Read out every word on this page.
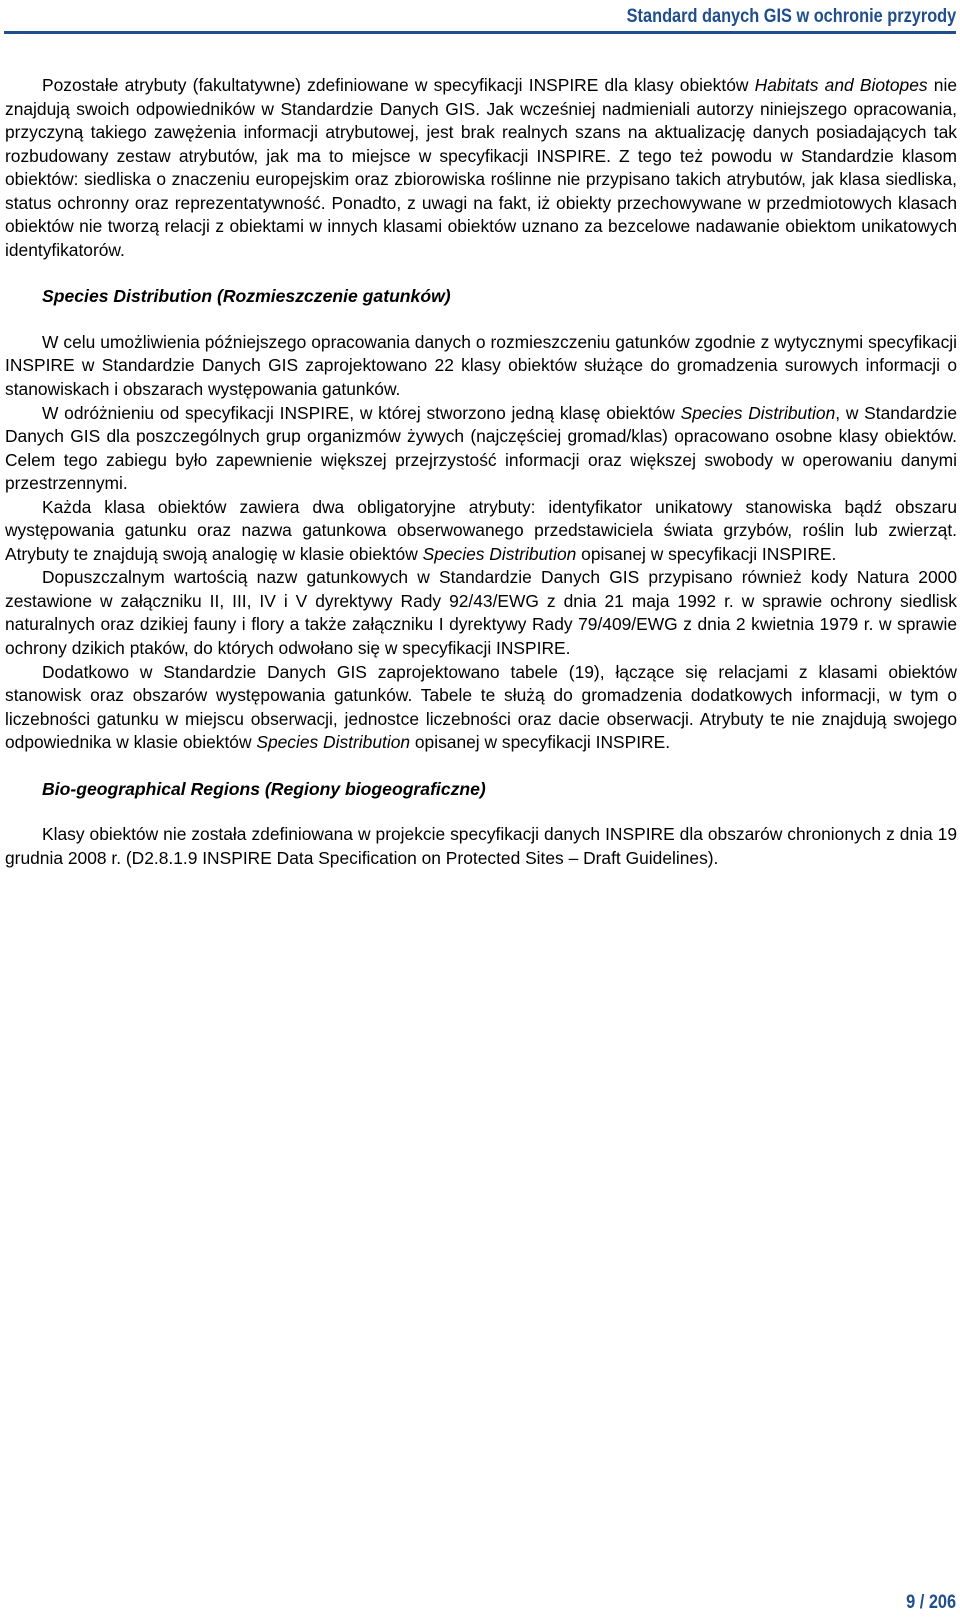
Standard danych GIS w ochronie przyrody

Pozostałe atrybuty (fakultatywne) zdefiniowane w specyfikacji INSPIRE dla klasy obiektów Habitats and Biotopes nie znajdują swoich odpowiedników w Standardzie Danych GIS. Jak wcześniej nadmieniali autorzy niniejszego opracowania, przyczyną takiego zawężenia informacji atrybutowej, jest brak realnych szans na aktualizację danych posiadających tak rozbudowany zestaw atrybutów, jak ma to miejsce w specyfikacji INSPIRE. Z tego też powodu w Standardzie klasom obiektów: siedliska o znaczeniu europejskim oraz zbiorowiska roślinne nie przypisano takich atrybutów, jak klasa siedliska, status ochronny oraz reprezentatywność. Ponadto, z uwagi na fakt, iż obiekty przechowywane w przedmiotowych klasach obiektów nie tworzą relacji z obiektami w innych klasami obiektów uznano za bezcelowe nadawanie obiektom unikatowych identyfikatorów.

Species Distribution (Rozmieszczenie gatunków)

W celu umożliwienia późniejszego opracowania danych o rozmieszczeniu gatunków zgodnie z wytycznymi specyfikacji INSPIRE w Standardzie Danych GIS zaprojektowano 22 klasy obiektów służące do gromadzenia surowych informacji o stanowiskach i obszarach występowania gatunków.

W odróżnieniu od specyfikacji INSPIRE, w której stworzono jedną klasę obiektów Species Distribution, w Standardzie Danych GIS dla poszczególnych grup organizmów żywych (najczęściej gromad/klas) opracowano osobne klasy obiektów. Celem tego zabiegu było zapewnienie większej przejrzystość informacji oraz większej swobody w operowaniu danymi przestrzennymi.

Każda klasa obiektów zawiera dwa obligatoryjne atrybuty: identyfikator unikatowy stanowiska bądź obszaru występowania gatunku oraz nazwa gatunkowa obserwowanego przedstawiciela świata grzybów, roślin lub zwierząt. Atrybuty te znajdują swoją analogię w klasie obiektów Species Distribution opisanej w specyfikacji INSPIRE.

Dopuszczalnym wartością nazw gatunkowych w Standardzie Danych GIS przypisano również kody Natura 2000 zestawione w załączniku II, III, IV i V dyrektywy Rady 92/43/EWG z dnia 21 maja 1992 r. w sprawie ochrony siedlisk naturalnych oraz dzikiej fauny i flory a także załączniku I dyrektywy Rady 79/409/EWG z dnia 2 kwietnia 1979 r. w sprawie ochrony dzikich ptaków, do których odwołano się w specyfikacji INSPIRE.

Dodatkowo w Standardzie Danych GIS zaprojektowano tabele (19), łączące się relacjami z klasami obiektów stanowisk oraz obszarów występowania gatunków. Tabele te służą do gromadzenia dodatkowych informacji, w tym o liczebności gatunku w miejscu obserwacji, jednostce liczebności oraz dacie obserwacji. Atrybuty te nie znajdują swojego odpowiednika w klasie obiektów Species Distribution opisanej w specyfikacji INSPIRE.

Bio-geographical Regions (Regiony biogeograficzne)

Klasy obiektów nie została zdefiniowana w projekcie specyfikacji danych INSPIRE dla obszarów chronionych z dnia 19 grudnia 2008 r. (D2.8.1.9 INSPIRE Data Specification on Protected Sites – Draft Guidelines).

9 / 206
